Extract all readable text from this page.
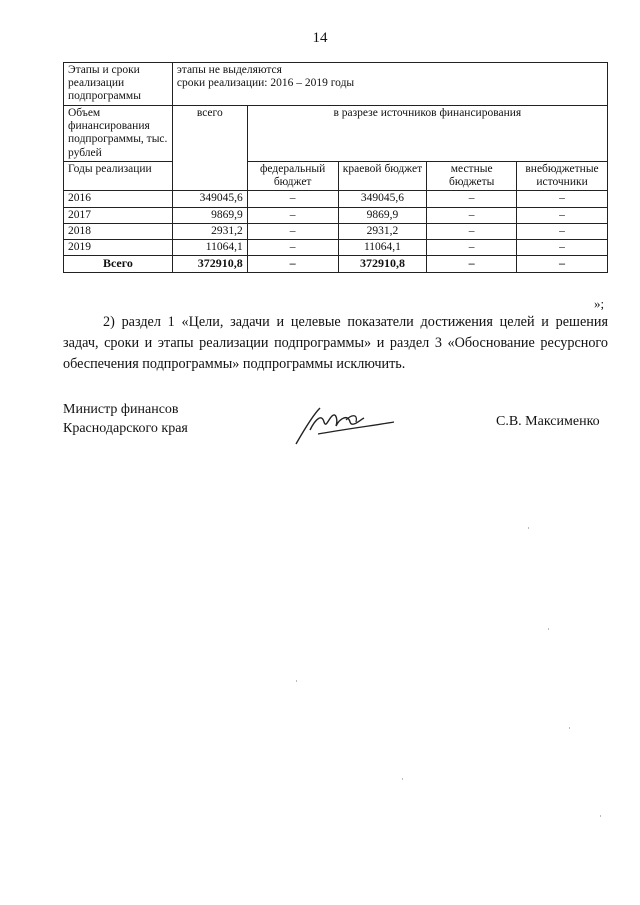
14
Этапы и сроки реализации подпрограммы	этапы не выделяются
сроки реализации: 2016 – 2019 годы				

Объем финансирования подпрограммы, тыс. рублей	всего	в разрезе источников финансирования			
Годы реализации		федеральный бюджет	краевой бюджет	местные бюджеты	внебюджетные источники
2016	349045,6	–	349045,6	–	–
2017	9869,9	–	9869,9	–	–
2018	2931,2	–	2931,2	–	–
2019	11064,1	–	11064,1	–	–
Всего	372910,8	–	372910,8	–	–
»;

2) раздел 1 «Цели, задачи и целевые показатели достижения целей и решения задач, сроки и этапы реализации подпрограммы» и раздел 3 «Обоснование ресурсного обеспечения подпрограммы» подпрограммы исключить.

Министр финансов
Краснодарского края	С.В. Максименко
